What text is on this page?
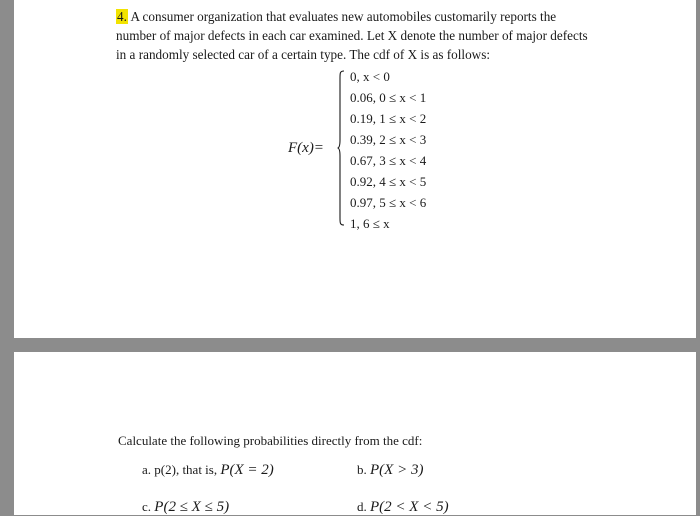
4. A consumer organization that evaluates new automobiles customarily reports the number of major defects in each car examined. Let X denote the number of major defects in a randomly selected car of a certain type. The cdf of X is as follows:
F(x)=
0, x < 0
0.06, 0 ≤ x < 1
0.19, 1 ≤ x < 2
0.39, 2 ≤ x < 3
0.67, 3 ≤ x < 4
0.92, 4 ≤ x < 5
0.97, 5 ≤ x < 6
1, 6 ≤ x
Calculate the following probabilities directly from the cdf:
a. p(2), that is, P(X = 2)	b. P(X > 3)
c. P(2 ≤ X ≤ 5)	d. P(2 < X < 5)
